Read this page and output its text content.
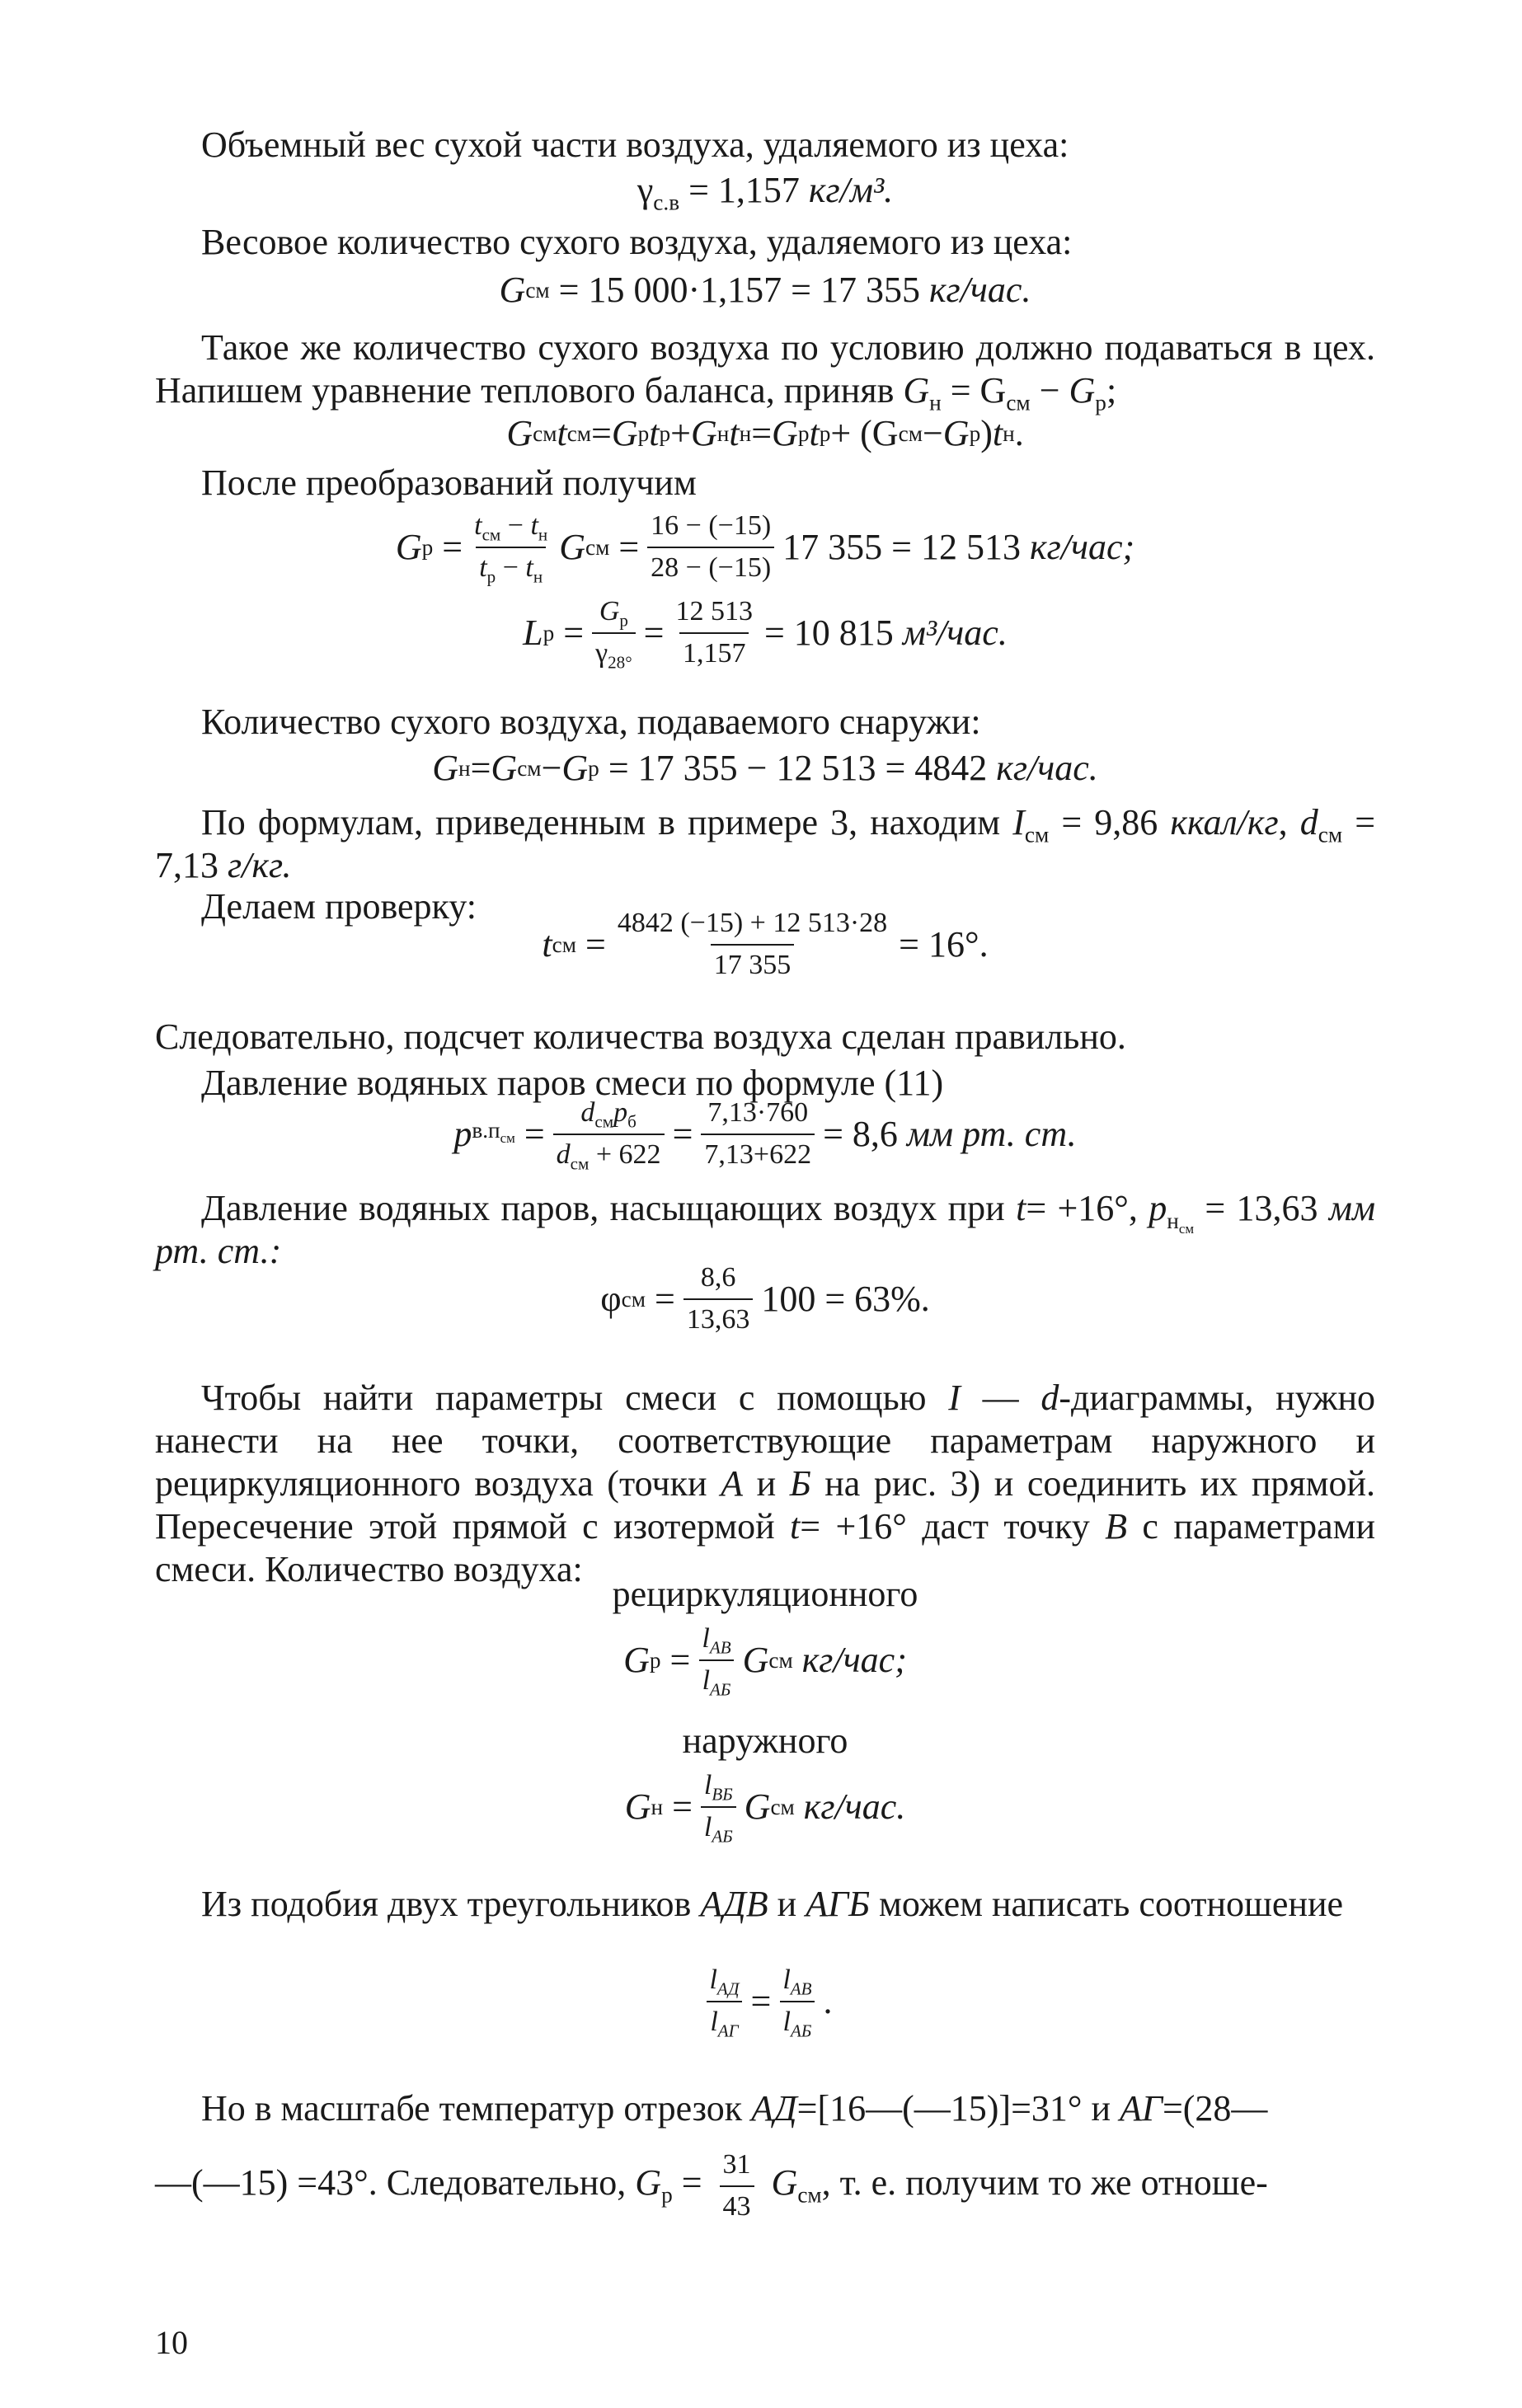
Объемный вес сухой части воздуха, удаляемого из цеха:
$\gamma_{с.в} = 1,157$
кг/м³.
Весовое количество сухого воздуха, удаляемого из цеха:
G см
= 15 000·1,157 = 17 355
кг/час.
Такое же количество сухого воздуха по условию должно подаваться в цех. Напишем уравнение теплового баланса, приняв $G_н = G_{см} - G_р$;
G см t см = G р t р + G н t н = G р t р + (G см − G р ) t н .
После преобразований получим
G $р = \frac{t_{см} - t_н}{t_р - t_н}$ G см = $\frac{16 - (-15)}{28 - (-15)} 17$ 355 = 12 513
кг/час;
L $р = \frac{G_р}{\gamma_{28^\circ}} = \frac{12 513}{1,157} = 10$ 815
м³/час.
Количество сухого воздуха, подаваемого снаружи:
G н = G см − G р
= 17 355 − 12 513 = 4842
кг/час.
По формулам, приведенным в примере 3, находим $I_{см} = 9,86$ ккал/кг, $d_{см} = 7,13$ г/кг.
Делаем проверку:
t см = $\frac{4842 (-15) + 12 513\cdot 28}{17 355} = 16^\circ$.
Следовательно, подсчет количества воздуха сделан правильно.
Давление водяных паров смеси по формуле (11)
p $в.п_{см} = \frac{d_{см}p_б}{d_{см} + 622} = \frac{7,13\cdot 760}{7,13+622} = 8,6$
мм рт. ст.
Давление водяных паров, насыщающих воздух при t= +16°, $p_{н_{см}} = 13,63$ мм рт. ст.:
φ см = $\frac{8,6}{13,63} 100 = 63\%$.
Чтобы найти параметры смеси с помощью I — d-диаграммы, нужно нанести на нее точки, соответствующие параметрам наружного и рециркуляционного воздуха (точки А и Б на рис. 3) и соединить их прямой. Пересечение этой прямой с изотермой t= +16° даст точку В с параметрами смеси. Количество воздуха:
рециркуляционного
G $р = \frac{l_{АВ}}{l_{АБ}}$ G см
кг/час;
наружного
G $н = \frac{l_{ВБ}}{l_{АБ}}$ G см
кг/час.
Из подобия двух треугольников АДВ и АГБ можем написать соотношение
$\frac{l_{АД}}{l_{АГ}} = \frac{l_{АВ}}{l_{АБ}}$ .
Но в масштабе температур отрезок АД=[16—(—15)]=31° и АГ=(28—
—(—15) =43°. Следовательно, $G_р = \frac{31}{43} G_{см}$, т. е. получим то же отноше-
10
